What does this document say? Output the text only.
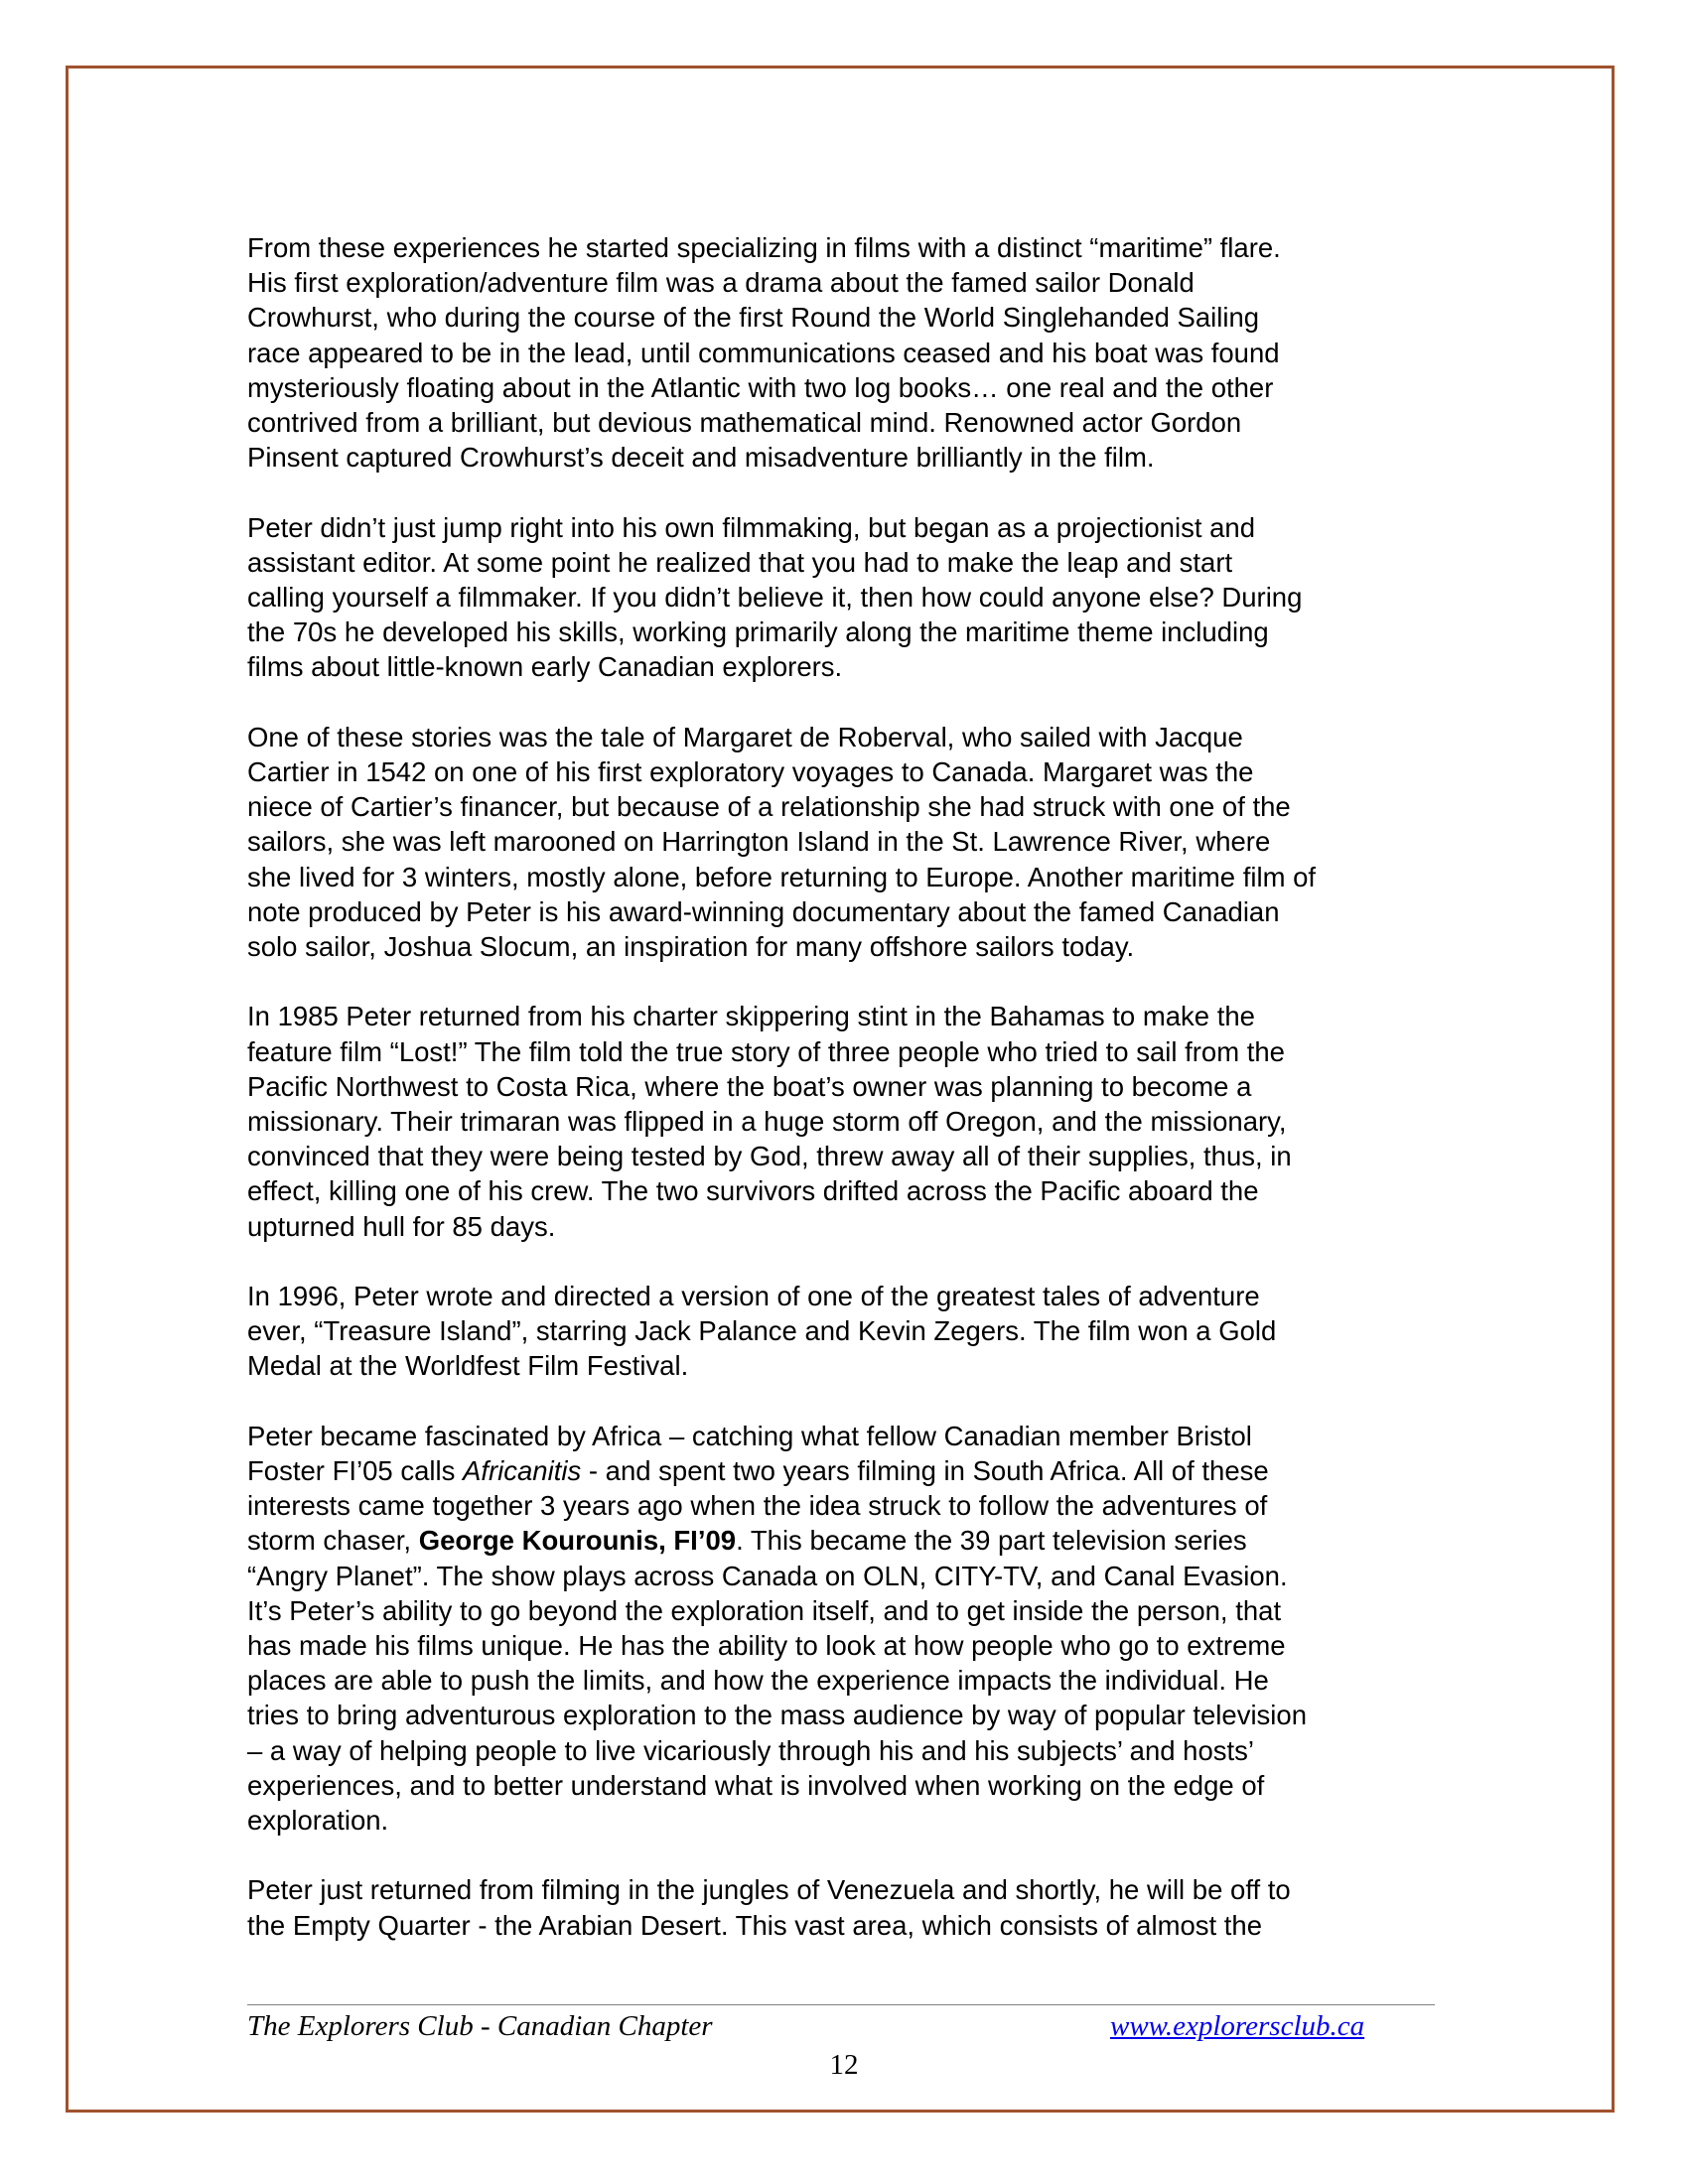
From these experiences he started specializing in films with a distinct “maritime” flare.
His first exploration/adventure film was a drama about the famed sailor Donald
Crowhurst, who during the course of the first Round the World Singlehanded Sailing
race appeared to be in the lead, until communications ceased and his boat was found
mysteriously floating about in the Atlantic with two log books… one real and the other
contrived from a brilliant, but devious mathematical mind. Renowned actor Gordon
Pinsent captured Crowhurst’s deceit and misadventure brilliantly in the film.

Peter didn’t just jump right into his own filmmaking, but began as a projectionist and
assistant editor. At some point he realized that you had to make the leap and start
calling yourself a filmmaker. If you didn’t believe it, then how could anyone else? During
the 70s he developed his skills, working primarily along the maritime theme including
films about little-known early Canadian explorers.

One of these stories was the tale of Margaret de Roberval, who sailed with Jacque
Cartier in 1542 on one of his first exploratory voyages to Canada. Margaret was the
niece of Cartier’s financer, but because of a relationship she had struck with one of the
sailors, she was left marooned on Harrington Island in the St. Lawrence River, where
she lived for 3 winters, mostly alone, before returning to Europe. Another maritime film of
note produced by Peter is his award-winning documentary about the famed Canadian
solo sailor, Joshua Slocum, an inspiration for many offshore sailors today.

In 1985 Peter returned from his charter skippering stint in the Bahamas to make the
feature film “Lost!” The film told the true story of three people who tried to sail from the
Pacific Northwest to Costa Rica, where the boat’s owner was planning to become a
missionary. Their trimaran was flipped in a huge storm off Oregon, and the missionary,
convinced that they were being tested by God, threw away all of their supplies, thus, in
effect, killing one of his crew. The two survivors drifted across the Pacific aboard the
upturned hull for 85 days.

In 1996, Peter wrote and directed a version of one of the greatest tales of adventure
ever, “Treasure Island”, starring Jack Palance and Kevin Zegers. The film won a Gold
Medal at the Worldfest Film Festival.

Peter became fascinated by Africa – catching what fellow Canadian member Bristol
Foster FI’05 calls Africanitis - and spent two years filming in South Africa. All of these
interests came together 3 years ago when the idea struck to follow the adventures of
storm chaser, George Kourounis, FI’09. This became the 39 part television series
“Angry Planet”. The show plays across Canada on OLN, CITY-TV, and Canal Evasion.
It’s Peter’s ability to go beyond the exploration itself, and to get inside the person, that
has made his films unique. He has the ability to look at how people who go to extreme
places are able to push the limits, and how the experience impacts the individual. He
tries to bring adventurous exploration to the mass audience by way of popular television
– a way of helping people to live vicariously through his and his subjects’ and hosts’
experiences, and to better understand what is involved when working on the edge of
exploration.

Peter just returned from filming in the jungles of Venezuela and shortly, he will be off to
the Empty Quarter - the Arabian Desert. This vast area, which consists of almost the

The Explorers Club - Canadian Chapter	www.explorersclub.ca
12
